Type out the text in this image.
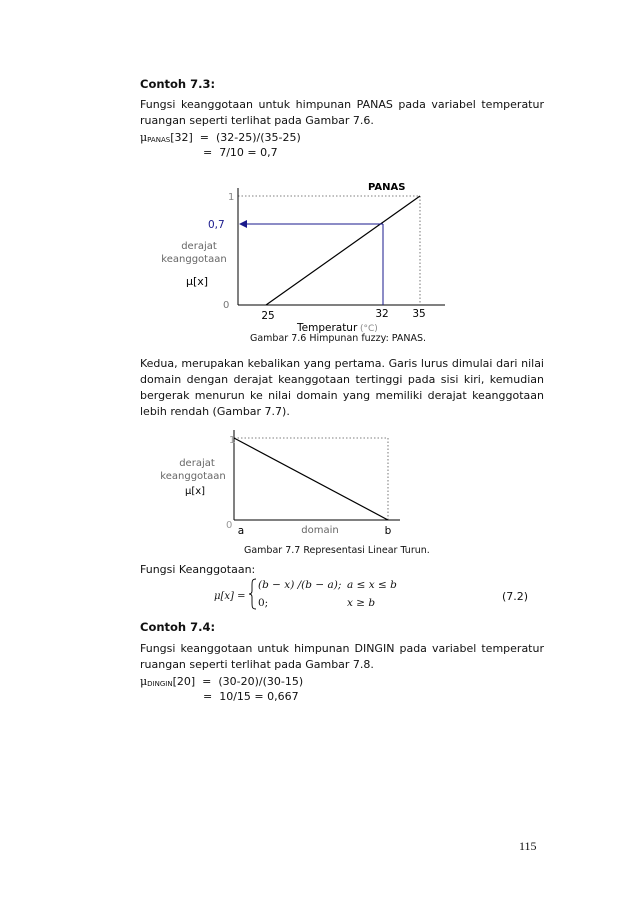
Contoh 7.3:
Fungsi keanggotaan untuk himpunan PANAS pada variabel temperatur ruangan seperti terlihat pada Gambar 7.6.
μPANAS[32]  =  (32-25)/(35-25)
=  7/10 = 0,7
PANAS
1
0,7
0
derajat
keanggotaan
μ[x]
25	32 35
Temperatur (°C)
Gambar 7.6 Himpunan fuzzy: PANAS.
Kedua, merupakan kebalikan yang pertama. Garis lurus dimulai dari nilai domain dengan derajat keanggotaan tertinggi pada sisi kiri, kemudian bergerak menurun ke nilai domain yang memiliki derajat keanggotaan lebih rendah (Gambar 7.7).
1
0
derajat
keanggotaan
μ[x]
a	domain	b
Gambar 7.7 Representasi Linear Turun.
Fungsi Keanggotaan:
μ[x] =
(b − x) /(b − a); a ≤ x ≤ b
0;	x ≥ b	(7.2)
Contoh 7.4:
Fungsi keanggotaan untuk himpunan DINGIN pada variabel temperatur ruangan seperti terlihat pada Gambar 7.8.
μDINGIN[20]  =  (30-20)/(30-15)
=  10/15 = 0,667
115
